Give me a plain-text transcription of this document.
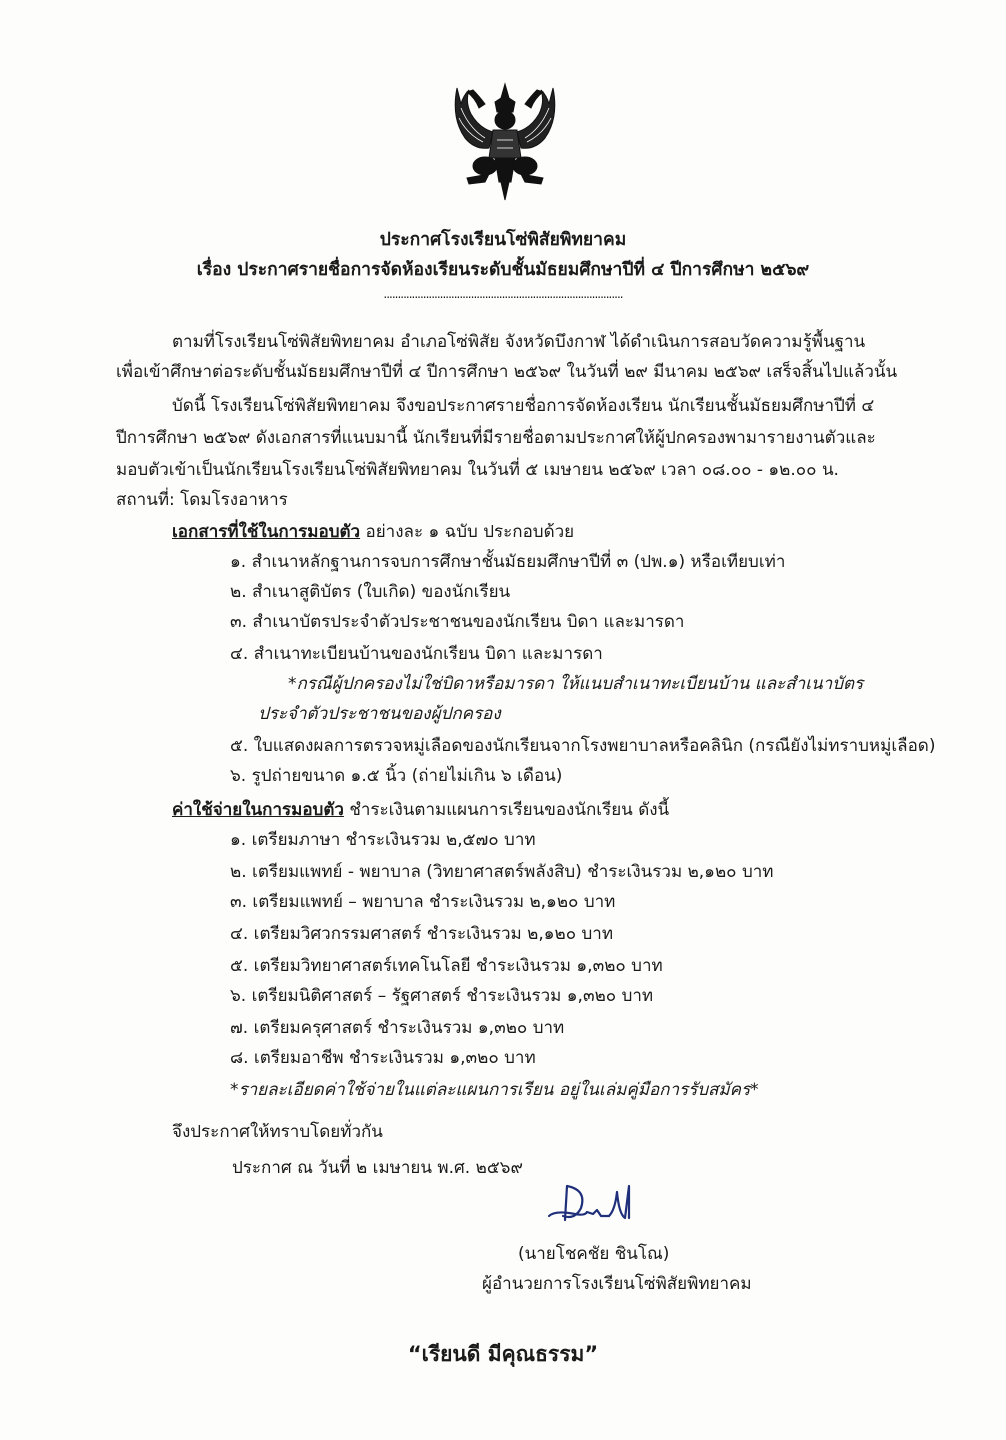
ประกาศโรงเรียนโซ่พิสัยพิทยาคม
เรื่อง ประกาศรายชื่อการจัดห้องเรียนระดับชั้นมัธยมศึกษาปีที่ ๔ ปีการศึกษา ๒๕๖๙
.....................................................................................
ตามที่โรงเรียนโซ่พิสัยพิทยาคม อำเภอโซ่พิสัย จังหวัดบึงกาฬ ได้ดำเนินการสอบวัดความรู้พื้นฐาน
เพื่อเข้าศึกษาต่อระดับชั้นมัธยมศึกษาปีที่ ๔ ปีการศึกษา ๒๕๖๙ ในวันที่ ๒๙ มีนาคม ๒๕๖๙ เสร็จสิ้นไปแล้วนั้น
บัดนี้ โรงเรียนโซ่พิสัยพิทยาคม จึงขอประกาศรายชื่อการจัดห้องเรียน นักเรียนชั้นมัธยมศึกษาปีที่ ๔
ปีการศึกษา ๒๕๖๙ ดังเอกสารที่แนบมานี้ นักเรียนที่มีรายชื่อตามประกาศให้ผู้ปกครองพามารายงานตัวและ
มอบตัวเข้าเป็นนักเรียนโรงเรียนโซ่พิสัยพิทยาคม ในวันที่ ๕ เมษายน ๒๕๖๙ เวลา ๐๘.๐๐ - ๑๒.๐๐ น.
สถานที่: โดมโรงอาหาร
เอกสารที่ใช้ในการมอบตัว อย่างละ ๑ ฉบับ ประกอบด้วย
๑. สำเนาหลักฐานการจบการศึกษาชั้นมัธยมศึกษาปีที่ ๓ (ปพ.๑) หรือเทียบเท่า
๒. สำเนาสูติบัตร (ใบเกิด) ของนักเรียน
๓. สำเนาบัตรประจำตัวประชาชนของนักเรียน บิดา และมารดา
๔. สำเนาทะเบียนบ้านของนักเรียน บิดา และมารดา
*กรณีผู้ปกครองไม่ใช่บิดาหรือมารดา ให้แนบสำเนาทะเบียนบ้าน และสำเนาบัตร
ประจำตัวประชาชนของผู้ปกครอง
๕. ใบแสดงผลการตรวจหมู่เลือดของนักเรียนจากโรงพยาบาลหรือคลินิก (กรณียังไม่ทราบหมู่เลือด)
๖. รูปถ่ายขนาด ๑.๕ นิ้ว (ถ่ายไม่เกิน ๖ เดือน)
ค่าใช้จ่ายในการมอบตัว ชำระเงินตามแผนการเรียนของนักเรียน ดังนี้
๑. เตรียมภาษา ชำระเงินรวม ๒,๕๗๐ บาท
๒. เตรียมแพทย์ - พยาบาล (วิทยาศาสตร์พลังสิบ) ชำระเงินรวม ๒,๑๒๐ บาท
๓. เตรียมแพทย์ – พยาบาล ชำระเงินรวม ๒,๑๒๐ บาท
๔. เตรียมวิศวกรรมศาสตร์ ชำระเงินรวม ๒,๑๒๐ บาท
๕. เตรียมวิทยาศาสตร์เทคโนโลยี ชำระเงินรวม ๑,๓๒๐ บาท
๖. เตรียมนิติศาสตร์ – รัฐศาสตร์ ชำระเงินรวม ๑,๓๒๐ บาท
๗. เตรียมครุศาสตร์ ชำระเงินรวม ๑,๓๒๐ บาท
๘. เตรียมอาชีพ ชำระเงินรวม ๑,๓๒๐ บาท
*รายละเอียดค่าใช้จ่ายในแต่ละแผนการเรียน อยู่ในเล่มคู่มือการรับสมัคร*
จึงประกาศให้ทราบโดยทั่วกัน
ประกาศ ณ วันที่ ๒ เมษายน พ.ศ. ๒๕๖๙
(นายโชคชัย ชินโณ)
ผู้อำนวยการโรงเรียนโซ่พิสัยพิทยาคม
“เรียนดี มีคุณธรรม”
